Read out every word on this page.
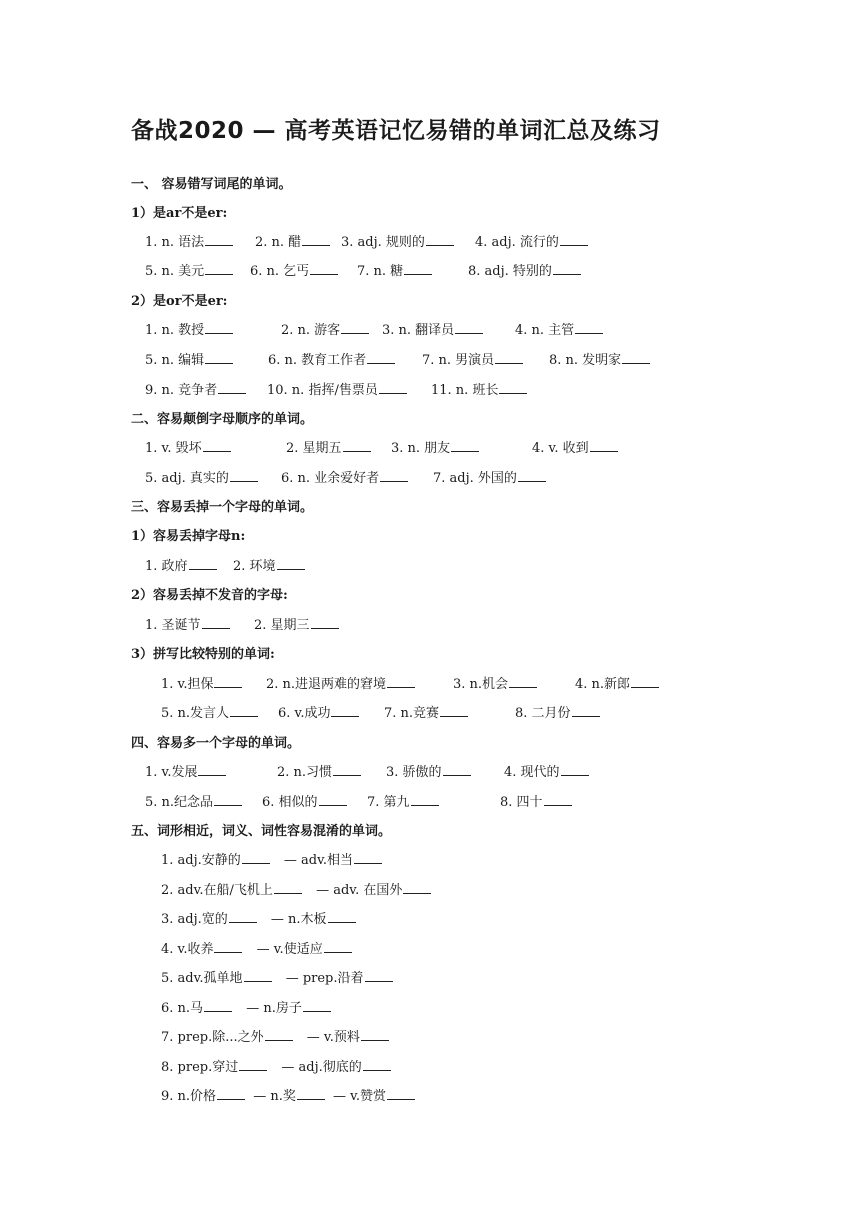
备战2020 — 高考英语记忆易错的单词汇总及练习
一、 容易错写词尾的单词。
1）是ar不是er:
1. n. 语法	2. n. 醋	3. adj. 规则的	4. adj. 流行的
5. n. 美元	6. n. 乞丐	7. n. 糖	8. adj. 特别的
2）是or不是er:
1. n. 教授	2. n. 游客	3. n. 翻译员	4. n. 主管
5. n. 编辑	6. n. 教育工作者	7. n. 男演员	8. n. 发明家
9. n. 竞争者	10. n. 指挥/售票员	11. n. 班长
二、容易颠倒字母顺序的单词。
1. v. 毁坏	2. 星期五	3. n. 朋友	4. v. 收到
5. adj. 真实的	6. n. 业余爱好者	7. adj. 外国的
三、容易丢掉一个字母的单词。
1）容易丢掉字母n:
1. 政府	2. 环境
2）容易丢掉不发音的字母:
1. 圣诞节	2. 星期三
3）拼写比较特别的单词:
1. v.担保	2. n.进退两难的窘境	3. n.机会	4. n.新郎
5. n.发言人	6. v.成功	7. n.竞赛	8. 二月份
四、容易多一个字母的单词。
1. v.发展	2. n.习惯	3. 骄傲的	4. 现代的
5. n.纪念品	6. 相似的	7. 第九	8. 四十
五、词形相近，词义、词性容易混淆的单词。
1. adj.安静的	— adv.相当
2. adv.在船/飞机上	— adv. 在国外
3. adj.宽的	— n.木板
4. v.收养	— v.使适应
5. adv.孤单地	— prep.沿着
6. n.马	— n.房子
7. prep.除...之外	— v.预料
8. prep.穿过	— adj.彻底的
9. n.价格	— n.奖	— v.赞赏
